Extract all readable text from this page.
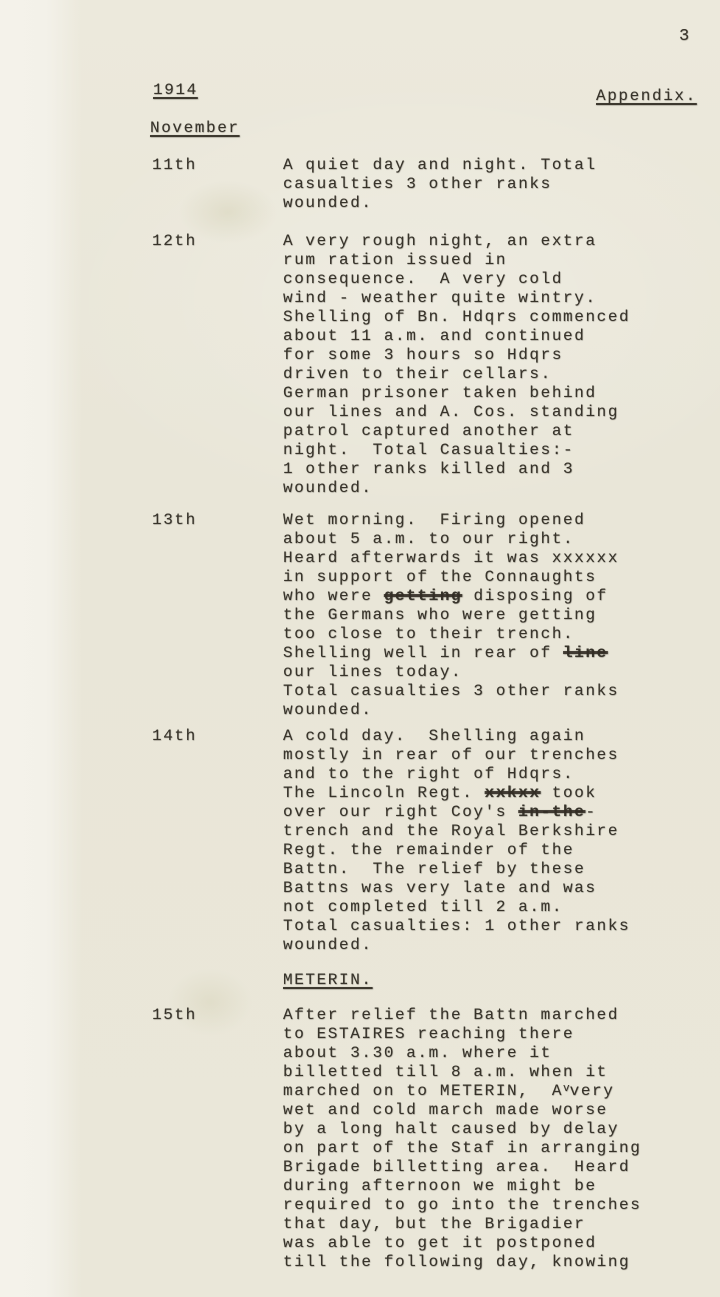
3
1914	Appendix.
November
11th	A quiet day and night. Total
casualties 3 other ranks
wounded.
12th	A very rough night, an extra
rum ration issued in
consequence.  A very cold
wind - weather quite wintry.
Shelling of Bn. Hdqrs commenced
about 11 a.m. and continued
for some 3 hours so Hdqrs
driven to their cellars.
German prisoner taken behind
our lines and A. Cos. standing
patrol captured another at
night.  Total Casualties:-
1 other ranks killed and 3
wounded.
13th	Wet morning.  Firing opened
about 5 a.m. to our right.
Heard afterwards it was xxxxxx
in support of the Connaughts
who were getting disposing of
the Germans who were getting
too close to their trench.
Shelling well in rear of line
our lines today.
Total casualties 3 other ranks
wounded.
14th	A cold day.  Shelling again
mostly in rear of our trenches
and to the right of Hdqrs.
The Lincoln Regt. xxkxx took
over our right Coy's in-the-
trench and the Royal Berkshire
Regt. the remainder of the
Battn.  The relief by these
Battns was very late and was
not completed till 2 a.m.
Total casualties: 1 other ranks
wounded.
METERIN.
15th	After relief the Battn marched
to ESTAIRES reaching there
about 3.30 a.m. where it
billetted till 8 a.m. when it
marched on to METERIN,  $A^vvery$
wet and cold march made worse
by a long halt caused by delay
on part of the Staf in arranging
Brigade billetting area.  Heard
during afternoon we might be
required to go into the trenches
that day, but the Brigadier
was able to get it postponed
till the following day, knowing
